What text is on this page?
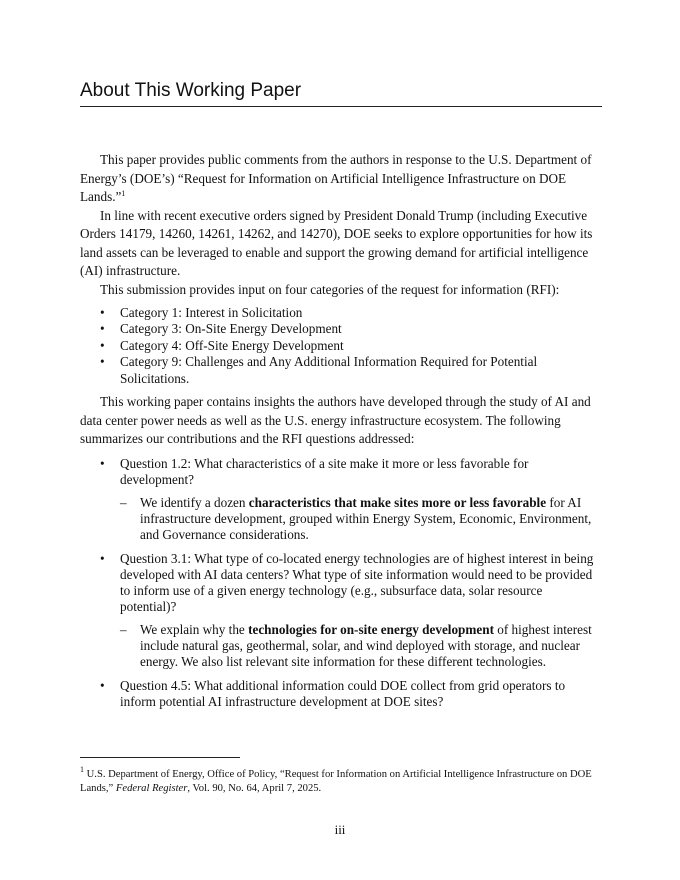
About This Working Paper

This paper provides public comments from the authors in response to the U.S. Department of Energy’s (DOE’s) “Request for Information on Artificial Intelligence Infrastructure on DOE Lands.”$^1$

In line with recent executive orders signed by President Donald Trump (including Executive Orders 14179, 14260, 14261, 14262, and 14270), DOE seeks to explore opportunities for how its land assets can be leveraged to enable and support the growing demand for artificial intelligence (AI) infrastructure.

This submission provides input on four categories of the request for information (RFI):

• Category 1: Interest in Solicitation
• Category 3: On-Site Energy Development
• Category 4: Off-Site Energy Development
• Category 9: Challenges and Any Additional Information Required for Potential Solicitations.

This working paper contains insights the authors have developed through the study of AI and data center power needs as well as the U.S. energy infrastructure ecosystem. The following summarizes our contributions and the RFI questions addressed:

• Question 1.2: What characteristics of a site make it more or less favorable for development?
– We identify a dozen characteristics that make sites more or less favorable for AI infrastructure development, grouped within Energy System, Economic, Environment, and Governance considerations.
• Question 3.1: What type of co-located energy technologies are of highest interest in being developed with AI data centers? What type of site information would need to be provided to inform use of a given energy technology (e.g., subsurface data, solar resource potential)?
– We explain why the technologies for on-site energy development of highest interest include natural gas, geothermal, solar, and wind deployed with storage, and nuclear energy. We also list relevant site information for these different technologies.
• Question 4.5: What additional information could DOE collect from grid operators to inform potential AI infrastructure development at DOE sites?
$^1$ U.S. Department of Energy, Office of Policy, “Request for Information on Artificial Intelligence Infrastructure on DOE Lands,” Federal Register, Vol. 90, No. 64, April 7, 2025.
iii
